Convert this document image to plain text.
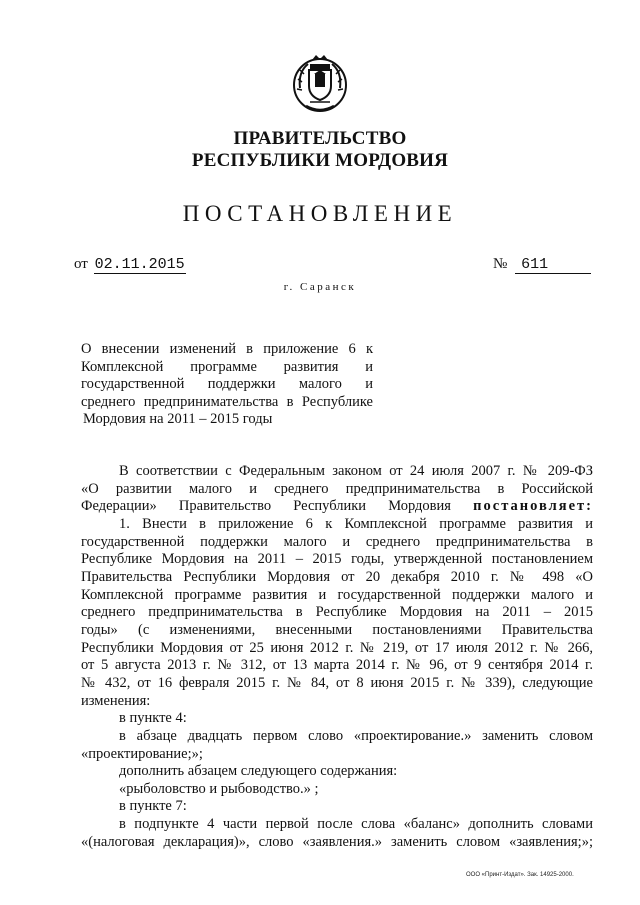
ПРАВИТЕЛЬСТВО
РЕСПУБЛИКИ МОРДОВИЯ
ПОСТАНОВЛЕНИЕ
от 02.11.2015	№ 611
г. Саранск
О внесении изменений в приложение 6 к
Комплексной программе развития и
государственной поддержки малого и
среднего предпринимательства в Республике
Мордовия на 2011 – 2015 годы
В соответствии с Федеральным законом от 24 июля 2007 г. № 209-ФЗ
«О развитии малого и среднего предпринимательства в Российской
Федерации» Правительство Республики Мордовия постановляет:
1. Внести в приложение 6 к Комплексной программе развития и
государственной поддержки малого и среднего предпринимательства в
Республике Мордовия на 2011 – 2015 годы, утвержденной постановлением
Правительства Республики Мордовия от 20 декабря 2010 г. № 498 «О
Комплексной программе развития и государственной поддержки малого и
среднего предпринимательства в Республике Мордовия на 2011 – 2015
годы» (с изменениями, внесенными постановлениями Правительства
Республики Мордовия от 25 июня 2012 г. № 219, от 17 июля 2012 г. № 266,
от 5 августа 2013 г. № 312, от 13 марта 2014 г. № 96, от 9 сентября 2014 г.
№ 432, от 16 февраля 2015 г. № 84, от 8 июня 2015 г. № 339), следующие
изменения:
в пункте 4:
в абзаце двадцать первом слово «проектирование.» заменить словом
«проектирование;»;
дополнить абзацем следующего содержания:
«рыболовство и рыбоводство.» ;
в пункте 7:
в подпункте 4 части первой после слова «баланс» дополнить словами
«(налоговая декларация)», слово «заявления.» заменить словом «заявления;»;
ООО «Принт-Издат». Зак. 14925-2000.
